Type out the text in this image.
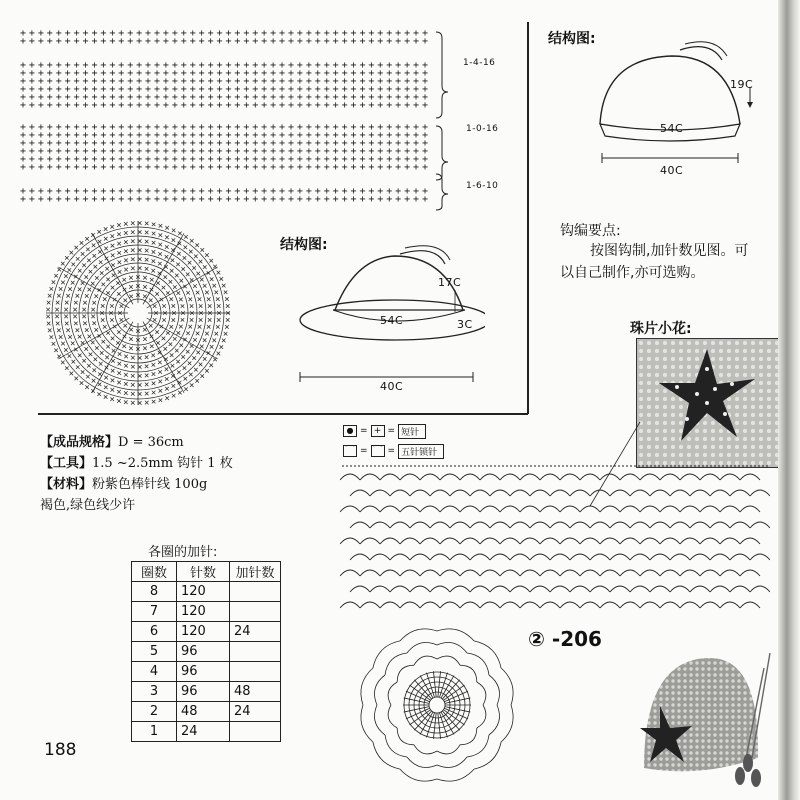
++++++++++++++++++++++++++++++++++++++++++++++
++++++++++++++++++++++++++++++++++++++++++++++
++++++++++++++++++++++++++++++++++++++++++++++
++++++++++++++++++++++++++++++++++++++++++++++
++++++++++++++++++++++++++++++++++++++++++++++
++++++++++++++++++++++++++++++++++++++++++++++
++++++++++++++++++++++++++++++++++++++++++++++
++++++++++++++++++++++++++++++++++++++++++++++
++++++++++++++++++++++++++++++++++++++++++++++
++++++++++++++++++++++++++++++++++++++++++++++
++++++++++++++++++++++++++++++++++++++++++++++
++++++++++++++++++++++++++++++++++++++++++++++
++++++++++++++++++++++++++++++++++++++++++++++
++++++++++++++++++++++++++++++++++++++++++++++
++++++++++++++++++++++++++++++++++++++++++++++
++++++++++++++++++++++++++++++++++++++++++++++
1-4-16
1-0-16
1-6-10
结构图:
54C
17C
3C
40C
结构图:
19C
54C
40C
钩编要点:
按图钩制,加针数见图。可
以自己制作,亦可选购。
珠片小花:
【成品规格】D = 36cm
【工具】1.5 ~2.5mm 钩针 1 枚
【材料】粉紫色棒针线 100g
褐色,绿色线少许
● = + = 短针
⌒ = ⌒ = 五针锁针
各圈的加针:
圈数	针数	加针数
8	120	
7	120	
6	120	24
5	96	
4	96	
3	96	48
2	48	24
1	24	
② -206
188
